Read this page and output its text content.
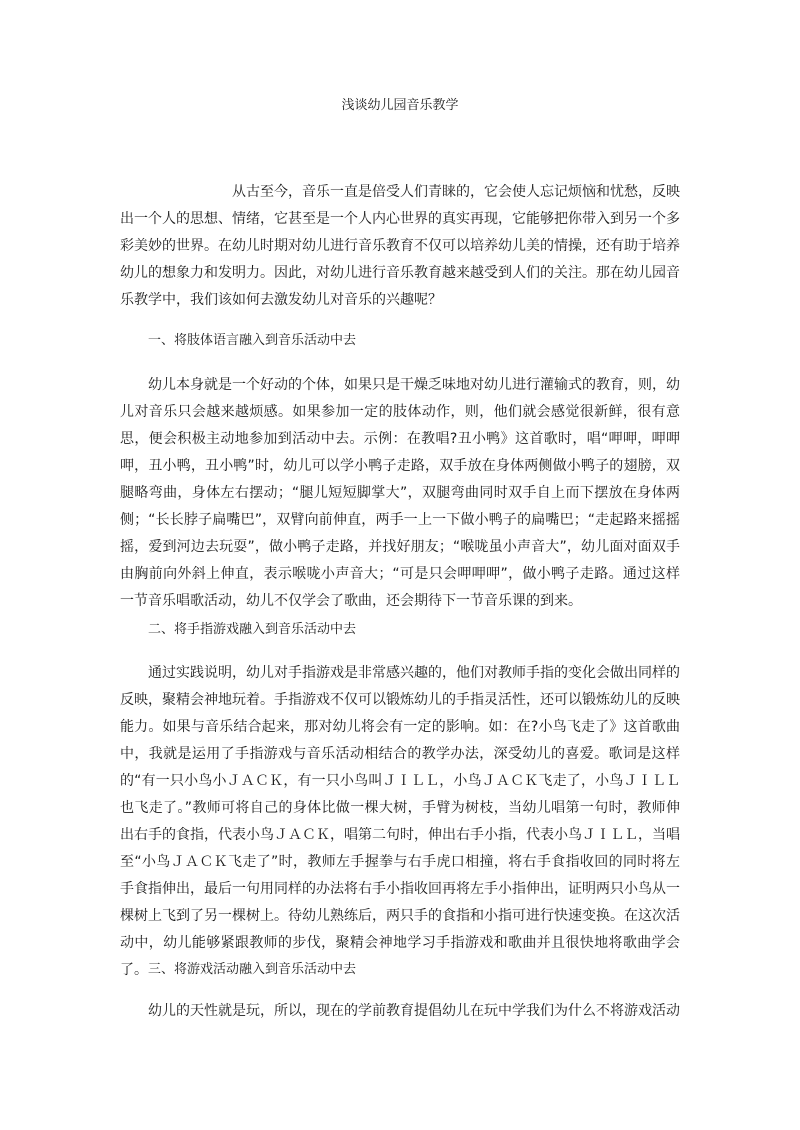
浅谈幼儿园音乐教学

从古至今，音乐一直是倍受人们青睐的，它会使人忘记烦恼和忧愁，反映出一个人的思想、情绪，它甚至是一个人内心世界的真实再现，它能够把你带入到另一个多彩美妙的世界。在幼儿时期对幼儿进行音乐教育不仅可以培养幼儿美的情操，还有助于培养幼儿的想象力和发明力。因此，对幼儿进行音乐教育越来越受到人们的关注。那在幼儿园音乐教学中，我们该如何去激发幼儿对音乐的兴趣呢？

一、将肢体语言融入到音乐活动中去

幼儿本身就是一个好动的个体，如果只是干燥乏味地对幼儿进行灌输式的教育，则，幼儿对音乐只会越来越烦感。如果参加一定的肢体动作，则，他们就会感觉很新鲜，很有意思，便会积极主动地参加到活动中去。示例：在教唱?丑小鸭》这首歌时，唱“呷呷，呷呷呷，丑小鸭，丑小鸭”时，幼儿可以学小鸭子走路，双手放在身体两侧做小鸭子的翅膀，双腿略弯曲，身体左右摆动；“腿儿短短脚掌大”，双腿弯曲同时双手自上而下摆放在身体两侧；“长长脖子扁嘴巴”，双臂向前伸直，两手一上一下做小鸭子的扁嘴巴；“走起路来摇摇摇，爱到河边去玩耍”，做小鸭子走路，并找好朋友；“喉咙虽小声音大”，幼儿面对面双手由胸前向外斜上伸直，表示喉咙小声音大；“可是只会呷呷呷”，做小鸭子走路。通过这样一节音乐唱歌活动，幼儿不仅学会了歌曲，还会期待下一节音乐课的到来。

二、将手指游戏融入到音乐活动中去

通过实践说明，幼儿对手指游戏是非常感兴趣的，他们对教师手指的变化会做出同样的反映，聚精会神地玩着。手指游戏不仅可以锻炼幼儿的手指灵活性，还可以锻炼幼儿的反映能力。如果与音乐结合起来，那对幼儿将会有一定的影响。如：在?小鸟飞走了》这首歌曲中，我就是运用了手指游戏与音乐活动相结合的教学办法，深受幼儿的喜爱。歌词是这样的“有一只小鸟小ＪＡＣＫ，有一只小鸟叫ＪＩＬＬ，小鸟ＪＡＣＫ飞走了，小鸟ＪＩＬＬ也飞走了。”教师可将自己的身体比做一棵大树，手臂为树枝，当幼儿唱第一句时，教师伸出右手的食指，代表小鸟ＪＡＣＫ，唱第二句时，伸出右手小指，代表小鸟ＪＩＬＬ，当唱至“小鸟ＪＡＣＫ飞走了”时，教师左手握拳与右手虎口相撞，将右手食指收回的同时将左手食指伸出，最后一句用同样的办法将右手小指收回再将左手小指伸出，证明两只小鸟从一棵树上飞到了另一棵树上。待幼儿熟练后，两只手的食指和小指可进行快速变换。在这次活动中，幼儿能够紧跟教师的步伐，聚精会神地学习手指游戏和歌曲并且很快地将歌曲学会了。 三、将游戏活动融入到音乐活动中去

幼儿的天性就是玩，所以，现在的学前教育提倡幼儿在玩中学我们为什么不将游戏活动
